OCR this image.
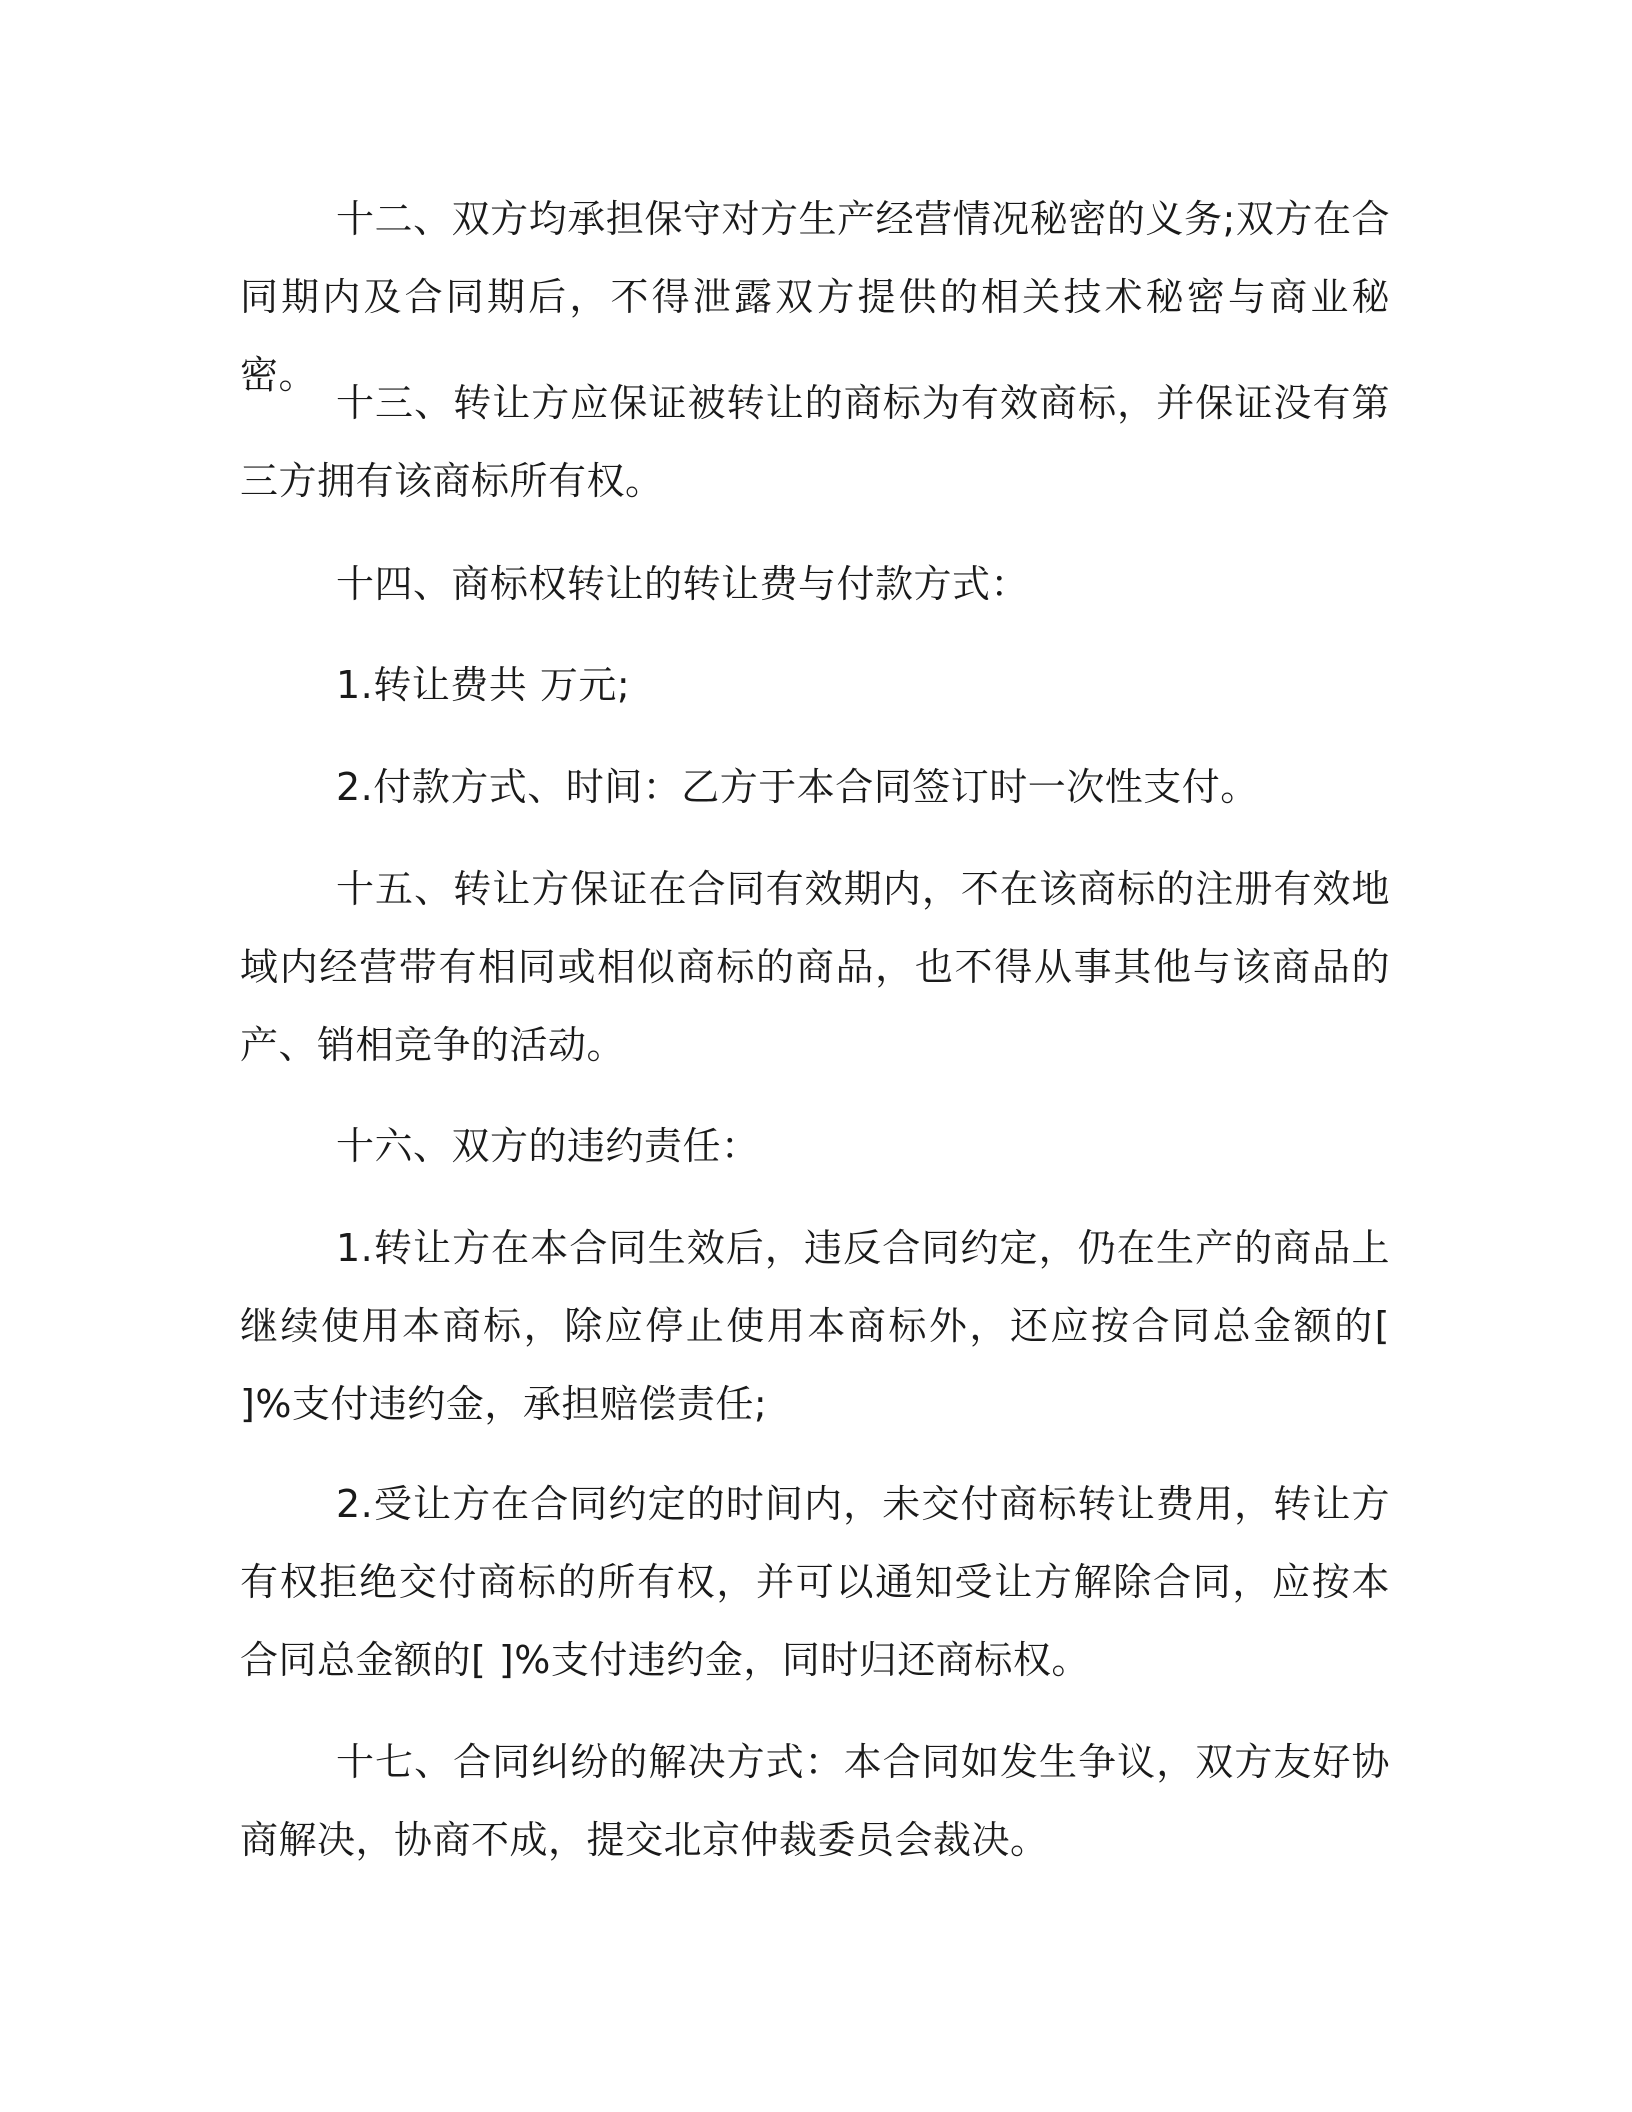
十二、双方均承担保守对方生产经营情况秘密的义务;双方在合同期内及合同期后，不得泄露双方提供的相关技术秘密与商业秘密。

十三、转让方应保证被转让的商标为有效商标，并保证没有第三方拥有该商标所有权。

十四、商标权转让的转让费与付款方式：

1.转让费共 万元;

2.付款方式、时间：乙方于本合同签订时一次性支付。

十五、转让方保证在合同有效期内，不在该商标的注册有效地域内经营带有相同或相似商标的商品，也不得从事其他与该商品的产、销相竞争的活动。

十六、双方的违约责任：

1.转让方在本合同生效后，违反合同约定，仍在生产的商品上继续使用本商标，除应停止使用本商标外，还应按合同总金额的[ ]%支付违约金，承担赔偿责任;

2.受让方在合同约定的时间内，未交付商标转让费用，转让方有权拒绝交付商标的所有权，并可以通知受让方解除合同，应按本合同总金额的[ ]%支付违约金，同时归还商标权。

十七、合同纠纷的解决方式：本合同如发生争议，双方友好协商解决，协商不成，提交北京仲裁委员会裁决。
